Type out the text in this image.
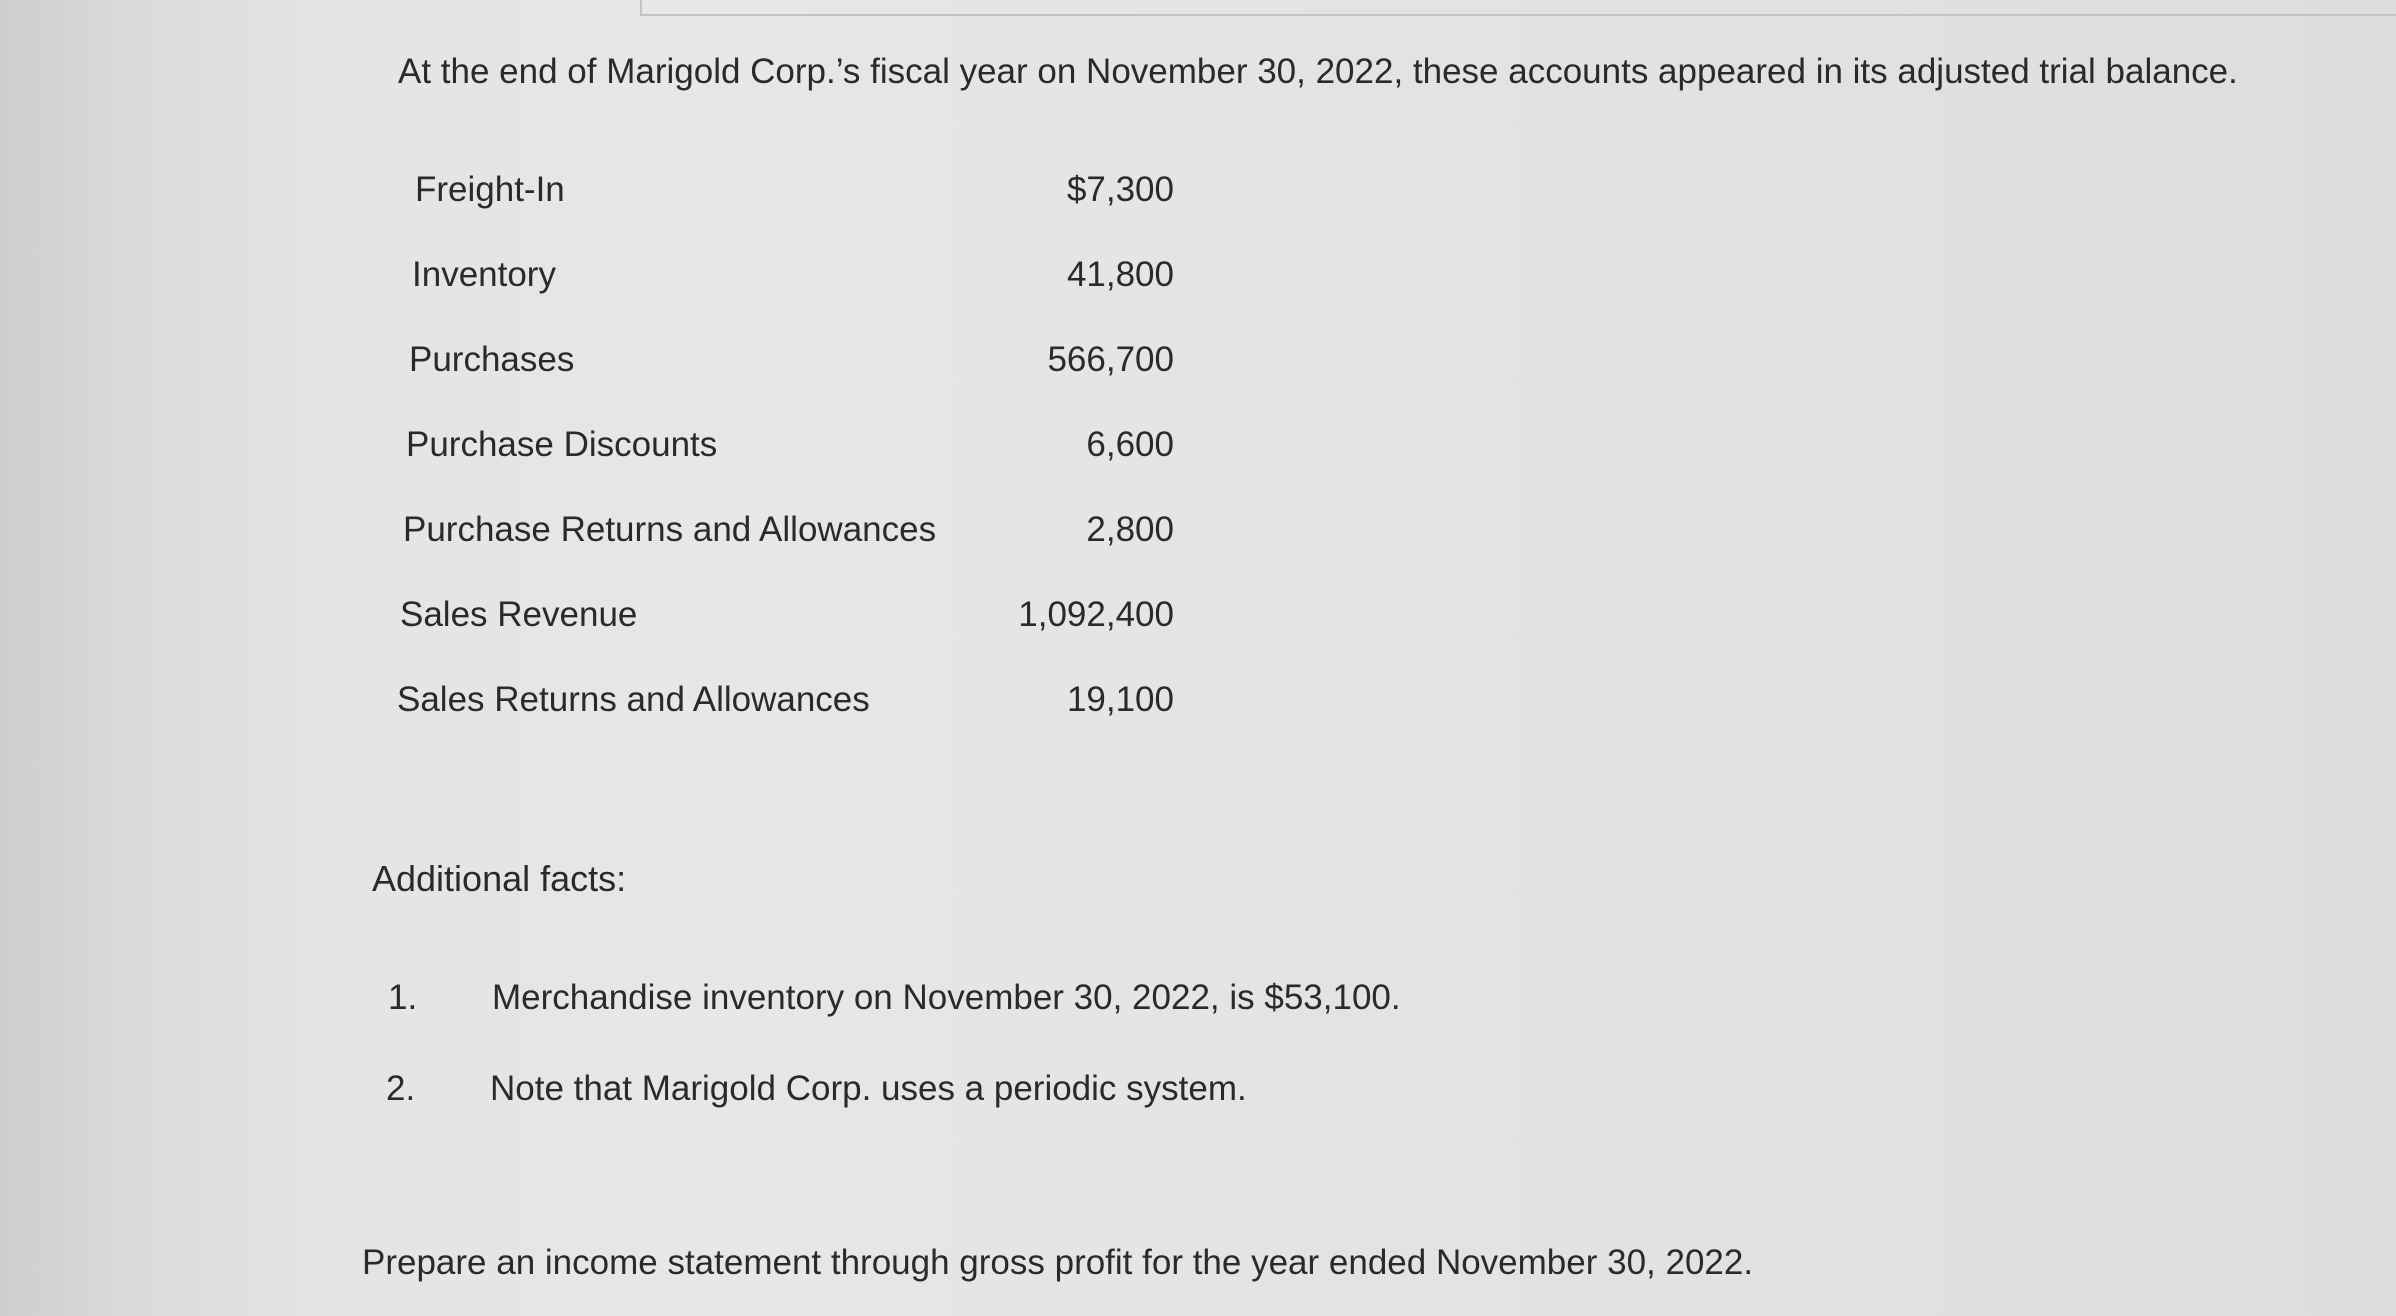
At the end of Marigold Corp.’s fiscal year on November 30, 2022, these accounts appeared in its adjusted trial balance.

Freight-In	$7,300
Inventory	41,800
Purchases	566,700
Purchase Discounts	6,600
Purchase Returns and Allowances	2,800
Sales Revenue	1,092,400
Sales Returns and Allowances	19,100

Additional facts:

1. Merchandise inventory on November 30, 2022, is $53,100.
2. Note that Marigold Corp. uses a periodic system.

Prepare an income statement through gross profit for the year ended November 30, 2022.
